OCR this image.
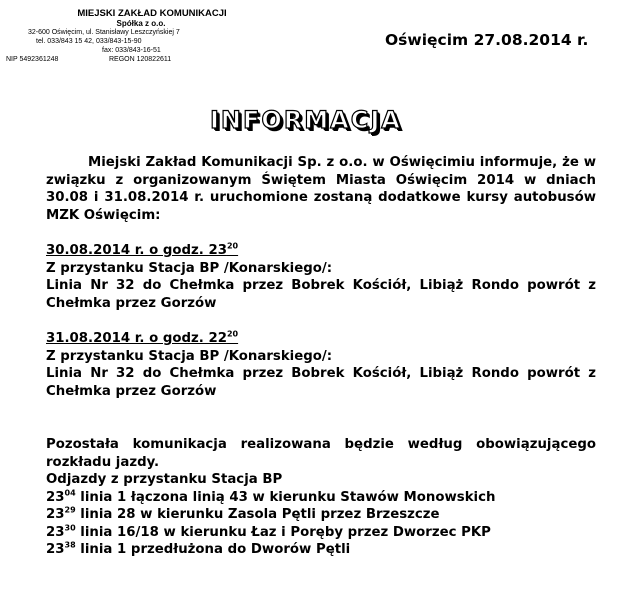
MIEJSKI ZAKŁAD KOMUNIKACJI
Spółka z o.o.
32-600 Oświęcim, ul. Stanisławy Leszczyńskiej 7
tel. 033/843 15 42, 033/843-15-90
fax: 033/843-16-51
NIP 5492361248	REGON 120822611
Oświęcim 27.08.2014 r.
INFORMACJA

Miejski Zakład Komunikacji Sp. z o.o. w Oświęcimiu informuje, że w związku z organizowanym Świętem Miasta Oświęcim 2014 w dniach 30.08 i 31.08.2014 r. uruchomione zostaną dodatkowe kursy autobusów MZK Oświęcim:

30.08.2014 r. o godz. $23^{20}$
Z przystanku Stacja BP /Konarskiego/:
Linia Nr 32 do Chełmka przez Bobrek Kościół, Libiąż Rondo powrót z Chełmka przez Gorzów
31.08.2014 r. o godz. $22^{20}$
Z przystanku Stacja BP /Konarskiego/:
Linia Nr 32 do Chełmka przez Bobrek Kościół, Libiąż Rondo powrót z Chełmka przez Gorzów
Pozostała komunikacja realizowana będzie według obowiązującego rozkładu jazdy.
Odjazdy z przystanku Stacja BP
$23^{04}$ linia 1 łączona linią 43 w kierunku Stawów Monowskich
$23^{29}$ linia 28 w kierunku Zasola Pętli przez Brzeszcze
$23^{30}$ linia 16/18 w kierunku Łaz i Poręby przez Dworzec PKP
$23^{38}$ linia 1 przedłużona do Dworów Pętli
